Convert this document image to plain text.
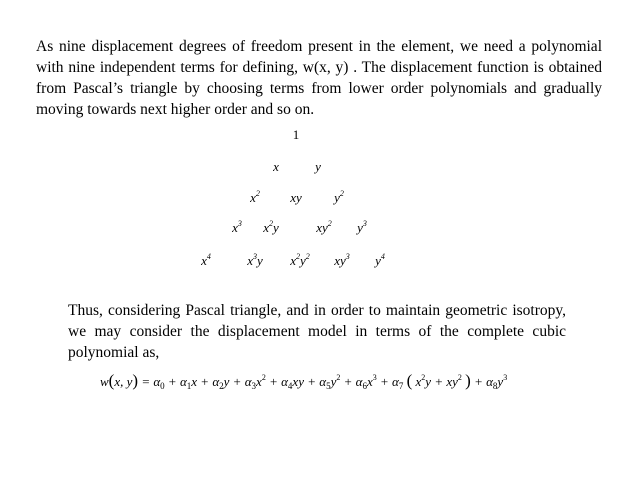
As nine displacement degrees of freedom present in the element, we need a polynomial with nine independent terms for defining, w(x, y) . The displacement function is obtained from Pascal’s triangle by choosing terms from lower order polynomials and gradually moving towards next higher order and so on.
1
x	y
$x^2$ xy $y^2$
$x^3$ $x^2y$	$xy^2$ $y^3$
$x^4$	$x^3y$ $x^2y^2$ $xy^3$ $y^4$
Thus, considering Pascal triangle, and in order to maintain geometric isotropy, we may consider the displacement model in terms of the complete cubic polynomial as,
w(x, $y) = \alpha_0 + \alpha_1x + \alpha_2y + \alpha_3x^2 + \alpha_4xy + \alpha_5y^2 + \alpha_6x^3 + \alpha_7$ ( $x^2y + xy^2$ ) + $\alpha_8y^3$
